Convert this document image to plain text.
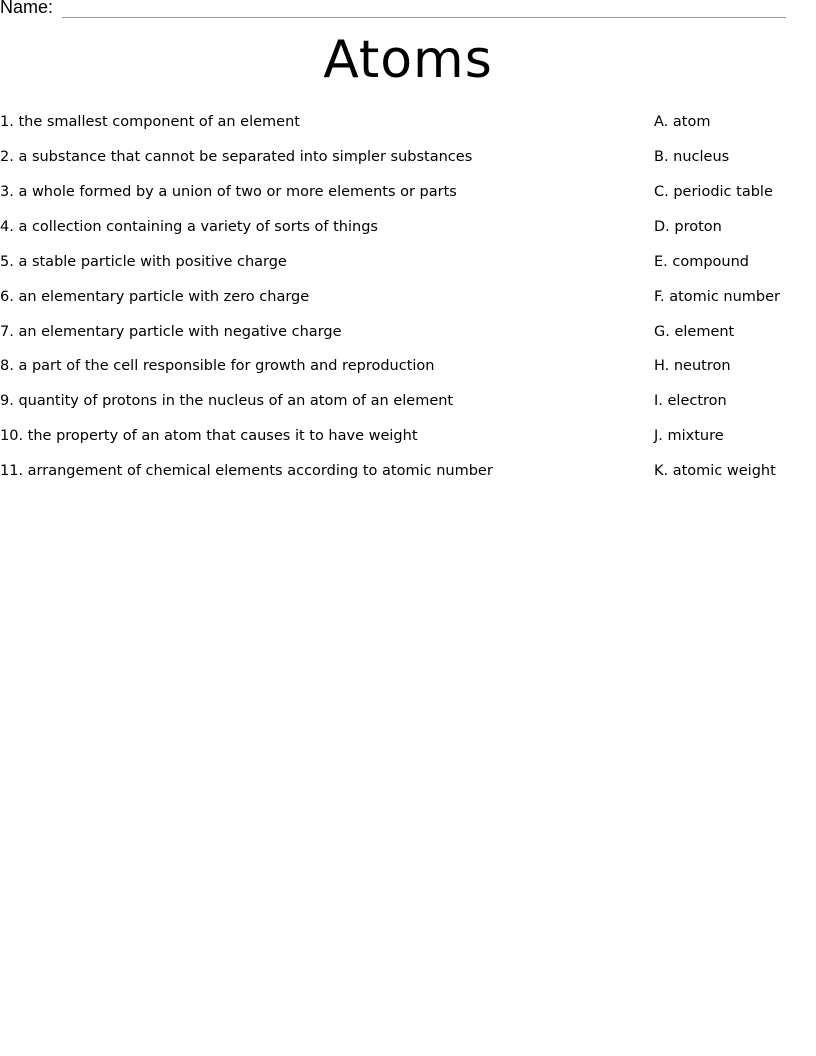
Name:
Atoms
1. the smallest component of an element
2. a substance that cannot be separated into simpler substances
3. a whole formed by a union of two or more elements or parts
4. a collection containing a variety of sorts of things
5. a stable particle with positive charge
6. an elementary particle with zero charge
7. an elementary particle with negative charge
8. a part of the cell responsible for growth and reproduction
9. quantity of protons in the nucleus of an atom of an element
10. the property of an atom that causes it to have weight
11. arrangement of chemical elements according to atomic number
A. atom
B. nucleus
C. periodic table
D. proton
E. compound
F. atomic number
G. element
H. neutron
I. electron
J. mixture
K. atomic weight
